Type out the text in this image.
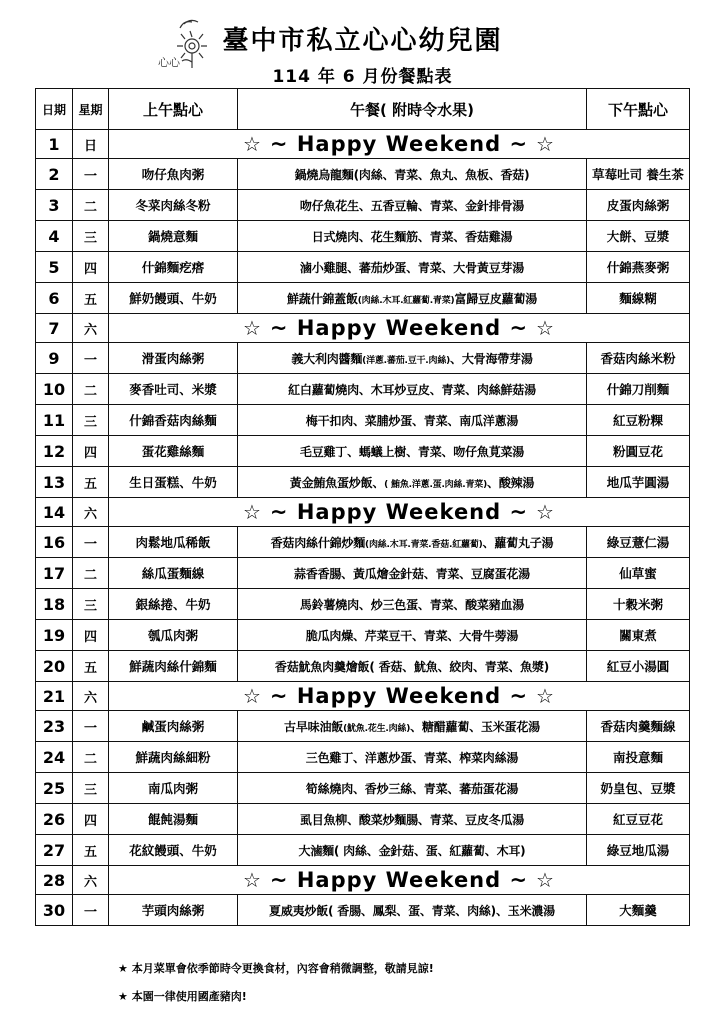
心心
臺中市私立心心幼兒園
114 年 6 月份餐點表
日期	星期	上午點心	午餐( 附時令水果)	下午點心
1	日	☆ ~ Happy Weekend ~ ☆		
2	一	吻仔魚肉粥	鍋燒烏龍麵(肉絲、青菜、魚丸、魚板、香菇)	草莓吐司 養生茶
3	二	冬菜肉絲冬粉	吻仔魚花生、五香豆輪、青菜、金針排骨湯	皮蛋肉絲粥
4	三	鍋燒意麵	日式燒肉、花生麵筋、青菜、香菇雞湯	大餅、豆漿
5	四	什錦麵疙瘩	滷小雞腿、蕃茄炒蛋、青菜、大骨黃豆芽湯	什錦燕麥粥
6	五	鮮奶饅頭、牛奶	鮮蔬什錦蓋飯(肉絲.木耳.紅蘿蔔.青菜)富歸豆皮蘿蔔湯	麵線糊
7	六	☆ ~ Happy Weekend ~ ☆		
9	一	滑蛋肉絲粥	義大利肉醬麵(洋蔥.蕃茄.豆干.肉絲)、大骨海帶芽湯	香菇肉絲米粉
10	二	麥香吐司、米漿	紅白蘿蔔燒肉、木耳炒豆皮、青菜、肉絲鮮菇湯	什錦刀削麵
11	三	什錦香菇肉絲麵	梅干扣肉、菜脯炒蛋、青菜、南瓜洋蔥湯	紅豆粉粿
12	四	蛋花雞絲麵	毛豆雞丁、螞蟻上樹、青菜、吻仔魚莧菜湯	粉圓豆花
13	五	生日蛋糕、牛奶	黃金鮪魚蛋炒飯、( 鮪魚.洋蔥.蛋.肉絲.青菜)、酸辣湯	地瓜芋圓湯
14	六	☆ ~ Happy Weekend ~ ☆		
16	一	肉鬆地瓜稀飯	香菇肉絲什錦炒麵(肉絲.木耳.青菜.香菇.紅蘿蔔)、蘿蔔丸子湯	綠豆薏仁湯
17	二	絲瓜蛋麵線	蒜香香腸、黃瓜燴金針菇、青菜、豆腐蛋花湯	仙草蜜
18	三	銀絲捲、牛奶	馬鈴薯燒肉、炒三色蛋、青菜、酸菜豬血湯	十穀米粥
19	四	瓠瓜肉粥	脆瓜肉燥、芹菜豆干、青菜、大骨牛蒡湯	關東煮
20	五	鮮蔬肉絲什錦麵	香菇魷魚肉羹燴飯( 香菇、魷魚、絞肉、青菜、魚漿)	紅豆小湯圓
21	六	☆ ~ Happy Weekend ~ ☆		
23	一	鹹蛋肉絲粥	古早味油飯(魷魚.花生.肉絲)、糖醋蘿蔔、玉米蛋花湯	香菇肉羹麵線
24	二	鮮蔬肉絲細粉	三色雞丁、洋蔥炒蛋、青菜、榨菜肉絲湯	南投意麵
25	三	南瓜肉粥	筍絲燒肉、香炒三絲、青菜、蕃茄蛋花湯	奶皇包、豆漿
26	四	餛飩湯麵	虱目魚柳、酸菜炒麵腸、青菜、豆皮冬瓜湯	紅豆豆花
27	五	花紋饅頭、牛奶	大滷麵( 肉絲、金針菇、蛋、紅蘿蔔、木耳)	綠豆地瓜湯
28	六	☆ ~ Happy Weekend ~ ☆		
30	一	芋頭肉絲粥	夏威夷炒飯( 香腸、鳳梨、蛋、青菜、肉絲)、玉米濃湯	大麵羹
★ 本月菜單會依季節時令更換食材，內容會稍微調整，敬請見諒!
★ 本園一律使用國產豬肉!
